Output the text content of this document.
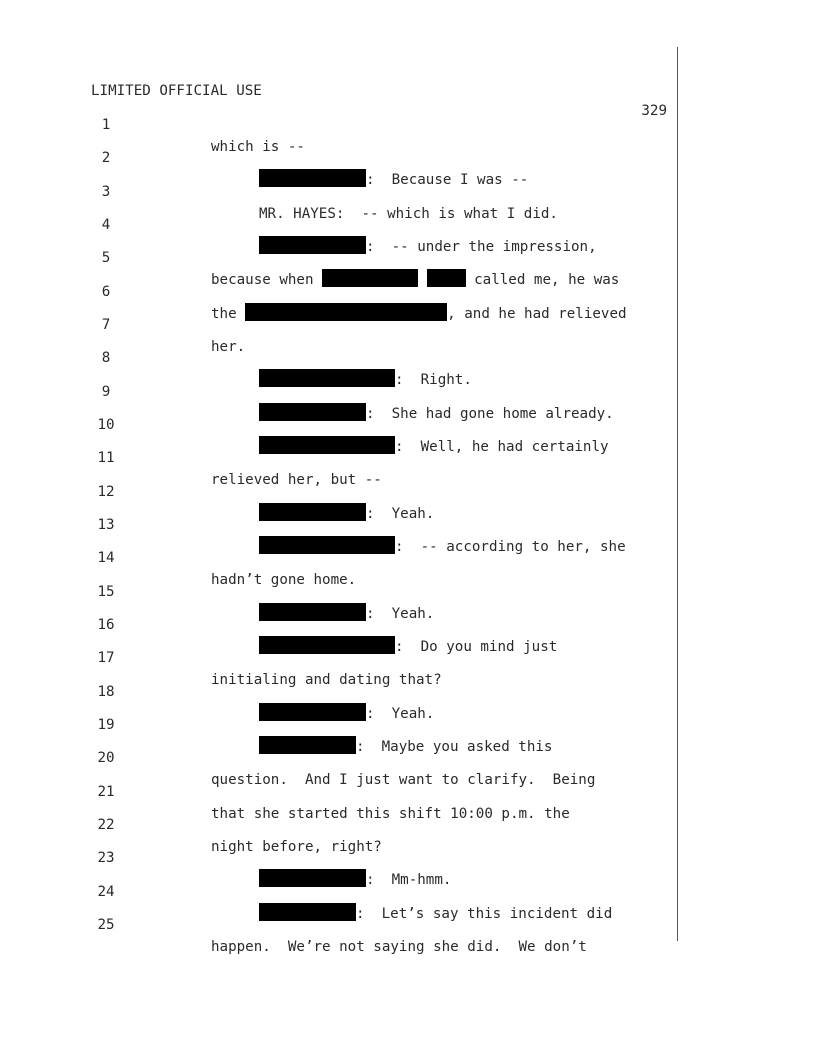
LIMITED OFFICIAL USE

329

1

which is --

2

:  Because I was --

3

MR. HAYES:  -- which is what I did.

4

:  -- under the impression,

5

because when	called me, he was

6

the	, and he had relieved

7

her.

8

:  Right.

9

:  She had gone home already.

10

:  Well, he had certainly

11

relieved her, but --

12

:  Yeah.

13

:  -- according to her, she

14

hadn’t gone home.

15

:  Yeah.

16

:  Do you mind just

17

initialing and dating that?

18

:  Yeah.

19

:  Maybe you asked this

20

question.  And I just want to clarify.  Being

21

that she started this shift 10:00 p.m. the

22

night before, right?

23

:  Mm-hmm.

24

:  Let’s say this incident did

25

happen.  We’re not saying she did.  We don’t
